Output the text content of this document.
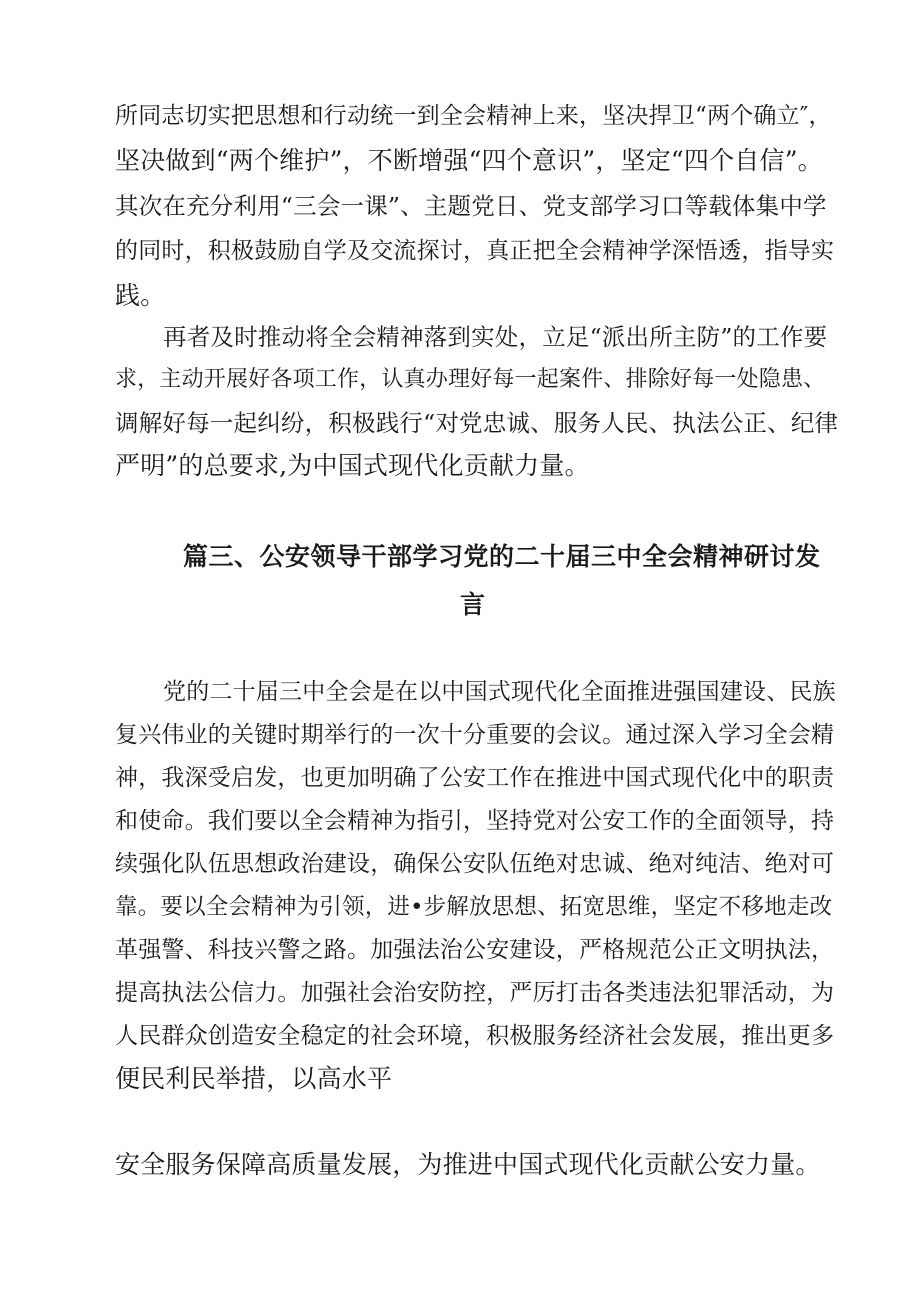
所同志切实把思想和行动统一到全会精神上来，坚决捍卫“两个确立″，
坚决做到“两个维护”，不断增强“四个意识”，坚定“四个自信”。
其次在充分利用“三会一课”、主题党日、党支部学习口等载体集中学
的同时，积极鼓励自学及交流探讨，真正把全会精神学深悟透，指导实
践。
再者及时推动将全会精神落到实处，立足“派出所主防”的工作要
求，主动开展好各项工作，认真办理好每一起案件、排除好每一处隐患、
调解好每一起纠纷，积极践行“对党忠诚、服务人民、执法公正、纪律
严明”的总要求,为中国式现代化贡献力量。
篇三、公安领导干部学习党的二十届三中全会精神研讨发
言
党的二十届三中全会是在以中国式现代化全面推进强国建设、民族
复兴伟业的关键时期举行的一次十分重要的会议。通过深入学习全会精
神，我深受启发，也更加明确了公安工作在推进中国式现代化中的职责
和使命。我们要以全会精神为指引，坚持党对公安工作的全面领导，持
续强化队伍思想政治建设，确保公安队伍绝对忠诚、绝对纯洁、绝对可
靠。要以全会精神为引领，进•步解放思想、拓宽思维，坚定不移地走改
革强警、科技兴警之路。加强法治公安建设，严格规范公正文明执法，
提高执法公信力。加强社会治安防控，严厉打击各类违法犯罪活动，为
人民群众创造安全稳定的社会环境，积极服务经济社会发展，推出更多
便民利民举措，以高水平
安全服务保障高质量发展，为推进中国式现代化贡献公安力量。
